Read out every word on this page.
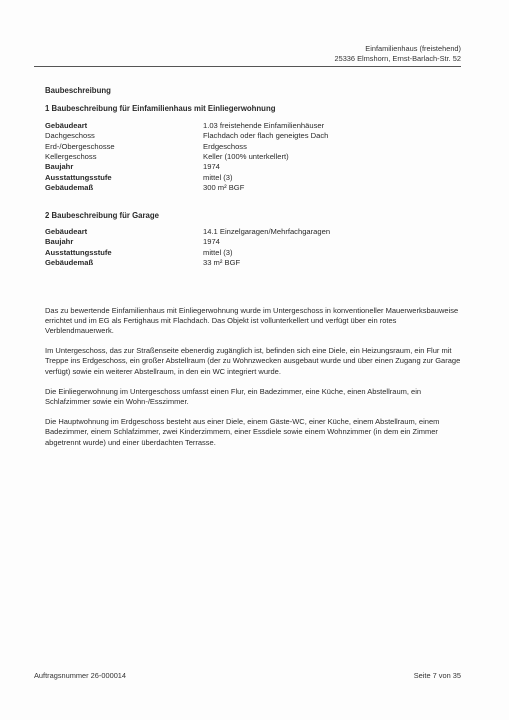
Einfamilienhaus (freistehend)
25336 Elmshorn, Ernst-Barlach-Str. 52
Baubeschreibung
1 Baubeschreibung für Einfamilienhaus mit Einliegerwohnung
Gebäudeart	1.03 freistehende Einfamilienhäuser
Dachgeschoss	Flachdach oder flach geneigtes Dach
Erd-/Obergeschosse	Erdgeschoss
Kellergeschoss	Keller (100% unterkellert)
Baujahr	1974
Ausstattungsstufe	mittel (3)
Gebäudemaß	300 m² BGF
2 Baubeschreibung für Garage
Gebäudeart	14.1 Einzelgaragen/Mehrfachgaragen
Baujahr	1974
Ausstattungsstufe	mittel (3)
Gebäudemaß	33 m² BGF

Das zu bewertende Einfamilienhaus mit Einliegerwohnung wurde im Untergeschoss in konventioneller Mauerwerksbauweise errichtet und im EG als Fertighaus mit Flachdach. Das Objekt ist vollunterkellert und verfügt über ein rotes Verblendmauerwerk.

Im Untergeschoss, das zur Straßenseite ebenerdig zugänglich ist, befinden sich eine Diele, ein Heizungsraum, ein Flur mit Treppe ins Erdgeschoss, ein großer Abstellraum (der zu Wohnzwecken ausgebaut wurde und über einen Zugang zur Garage verfügt) sowie ein weiterer Abstellraum, in den ein WC integriert wurde.

Die Einliegerwohnung im Untergeschoss umfasst einen Flur, ein Badezimmer, eine Küche, einen Abstellraum, ein Schlafzimmer sowie ein Wohn-/Esszimmer.

Die Hauptwohnung im Erdgeschoss besteht aus einer Diele, einem Gäste-WC, einer Küche, einem Abstellraum, einem Badezimmer, einem Schlafzimmer, zwei Kinderzimmern, einer Essdiele sowie einem Wohnzimmer (in dem ein Zimmer abgetrennt wurde) und einer überdachten Terrasse.

Auftragsnummer 26-000014	Seite 7 von 35
